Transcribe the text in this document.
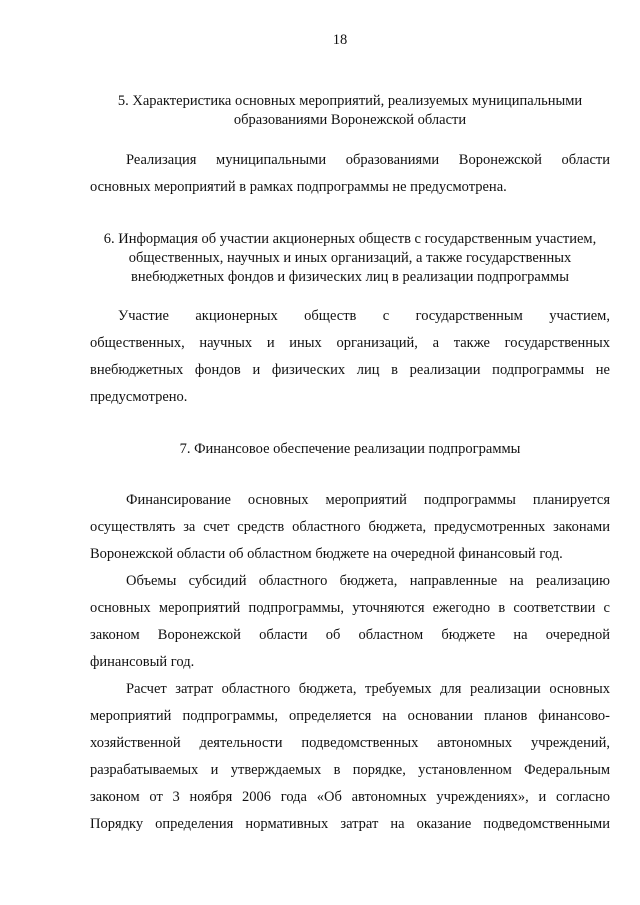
18
5. Характеристика основных мероприятий, реализуемых муниципальными
образованиями Воронежской области
Реализация муниципальными образованиями Воронежской области
основных мероприятий в рамках подпрограммы не предусмотрена.
6. Информация об участии акционерных обществ с государственным участием,
общественных, научных и иных организаций, а также государственных
внебюджетных фондов и физических лиц в реализации подпрограммы
Участие акционерных обществ с государственным участием,
общественных, научных и иных организаций, а также государственных
внебюджетных фондов и физических лиц в реализации подпрограммы не
предусмотрено.
7. Финансовое обеспечение реализации подпрограммы
Финансирование основных мероприятий подпрограммы планируется
осуществлять за счет средств областного бюджета, предусмотренных законами
Воронежской области об областном бюджете на очередной финансовый год.
Объемы субсидий областного бюджета, направленные на реализацию
основных мероприятий подпрограммы, уточняются ежегодно в соответствии с
законом Воронежской области об областном бюджете на очередной
финансовый год.
Расчет затрат областного бюджета, требуемых для реализации основных
мероприятий подпрограммы, определяется на основании планов финансово-
хозяйственной деятельности подведомственных автономных учреждений,
разрабатываемых и утверждаемых в порядке, установленном Федеральным
законом от 3 ноября 2006 года «Об автономных учреждениях», и согласно
Порядку определения нормативных затрат на оказание подведомственными
